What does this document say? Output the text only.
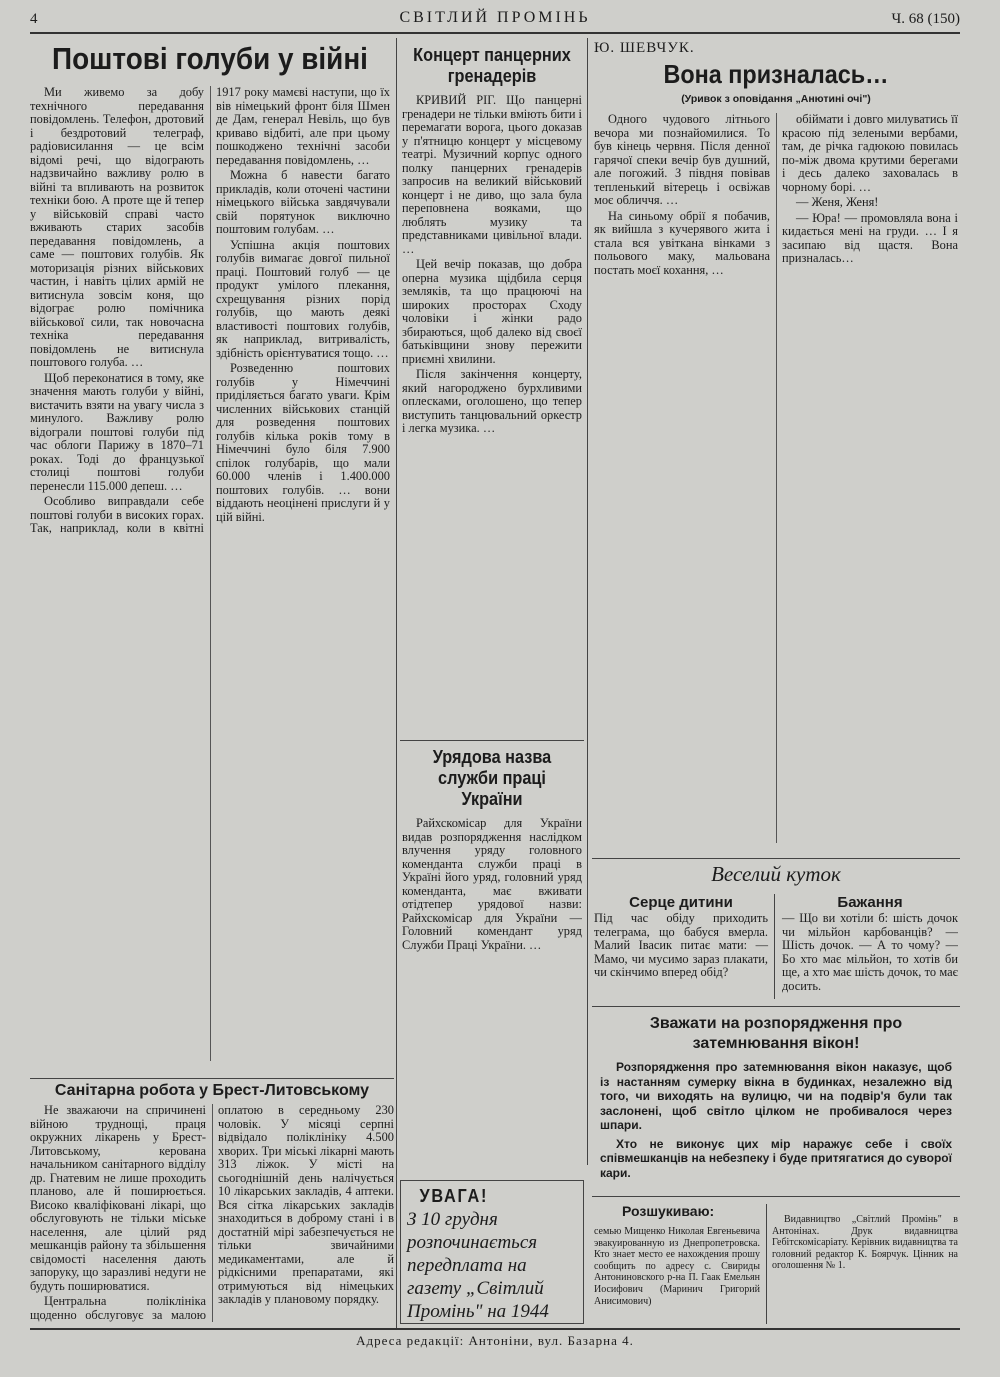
4	СВІТЛИЙ ПРОМІНЬ	Ч. 68 (150)
Поштові голуби у війні

Ми живемо за добу технічного передавання повідомлень. Телефон, дротовий і бездротовий телеграф, радіовисилання — це всім відомі речі, що відограють надзвичайно важливу ролю в війні та впливають на розвиток техніки бою. А проте ще й тепер у військовій справі часто вживають старих засобів передавання повідомлень, а саме — поштових голубів. Як моторизація різних військових частин, і навіть цілих армій не витиснула зовсім коня, що відограє ролю помічника військової сили, так новочасна техніка передавання повідомлень не витиснула поштового голуба. …

Щоб переконатися в тому, яке значення мають голуби у війні, вистачить взяти на увагу числа з минулого. Важливу ролю відограли поштові голуби під час облоги Парижу в 1870–71 роках. Тоді до французької столиці поштові голуби перенесли 115.000 депеш. …

Особливо виправдали себе поштові голуби в високих горах. Так, наприклад, коли в квітні 1917 року мамєві наступи, що їх вів німецький фронт біля Шмен де Дам, генерал Невіль, що був криваво відбиті, але при цьому пошкоджено технічні засоби передавання повідомлень, …

Можна б навести багато прикладів, коли оточені частини німецького війська завдячували свій порятунок виключно поштовим голубам. …

Успішна акція поштових голубів вимагає довгої пильної праці. Поштовий голуб — це продукт умілого плекання, схрещування різних порід голубів, що мають деякі властивості поштових голубів, як наприклад, витривалість, здібність орієнтуватися тощо. …

Розведенню поштових голубів у Німеччині приділяється багато уваги. Крім численних військових станцій для розведення поштових голубів кілька років тому в Німеччині було біля 7.900 спілок голубарів, що мали 60.000 членів і 1.400.000 поштових голубів. … вони віддають неоцінені прислуги й у цій війні.

Концерт панцерних гренадерів

КРИВИЙ РІГ. Що панцерні гренадери не тільки вміють бити і перемагати ворога, цього доказав у п'ятницю концерт у місцевому театрі. Музичний корпус одного полку панцерних гренадерів запросив на великий військовий концерт і не диво, що зала була переповнена вояками, що люблять музику та представниками цивільної влади. …

Цей вечір показав, що добра оперна музика щідбила серця земляків, та що працюючі на широких просторах Сходу чоловіки і жінки радо збираються, щоб далеко від своєї батьківщини знову пережити приємні хвилини.

Після закінчення концерту, який нагороджено бурхливими оплесками, оголошено, що тепер виступить танцювальний оркестр і легка музика. …

Урядова назва служби праці України

Райхскомісар для України видав розпорядження наслідком влучення уряду головного коменданта служби праці в Україні його уряд, головний уряд коменданта, має вживати отідтепер урядової назви: Райхскомісар для України — Головний комендант уряд Служби Праці України. …

Ю. ШЕВЧУК.
Вона призналась…
(Уривок з оповідання „Анютині очі")

Одного чудового літнього вечора ми познайомилися. То був кінець червня. Після денної гарячої спеки вечір був душний, але погожий. З півдня повівав тепленький вітерець і освіжав моє обличчя. …

На синьому обрії я побачив, як вийшла з кучерявого жита і стала вся увіткана вінками з польового маку, мальована постать моєї кохання, …

обіймати і довго милуватись її красою під зелеными вербами, там, де річка гадюкою повилась по-між двома крутими берегами і десь далеко заховалась в чорному борі. …

— Женя, Женя!

— Юра! — промовляла вона і кидається мені на груди. … І я засипаю від щастя. Вона призналась…

Веселий куток
Серце дитини
Під час обіду приходить телеграма, що бабуся вмерла. Малий Івасик питає мати: — Мамо, чи мусимо зараз плакати, чи скінчимо вперед обід?
Бажання
— Що ви хотіли б: шість дочок чи мільйон карбованців? — Шість дочок. — А то чому? — Бо хто має мільйон, то хотів би ще, а хто має шість дочок, то має досить.
Зважати на розпорядження про затемнювання вікон!
Розпорядження про затемнювання вікон наказує, щоб із настанням сумерку вікна в будинках, незалежно від того, чи виходять на вулицю, чи на подвір'я були так заслонені, щоб світло цілком не пробивалося через шпари.
Хто не виконує цих мір наражує себе і своїх співмешканців на небезпеку і буде притягатися до суворої кари.
Санітарна робота у Брест-Литовському

Не зважаючи на спричинені війною труднощі, праця окружних лікарень у Брест-Литовському, керована начальником санітарного відділу др. Гнатевим не лише проходить планово, але й поширюється. Високо кваліфіковані лікарі, що обслуговують не тільки міське населення, але цілий ряд мешканців району та збільшення свідомості населення дають запоруку, що заразливі недуги не будуть поширюватися.

Центральна поліклініка щоденно обслуговує за малою оплатою в середньому 230 чоловік. У місяці серпні відвідало поліклініку 4.500 хворих. Три міські лікарні мають 313 ліжок. У місті на сьогоднішній день налічується 10 лікарських закладів, 4 аптеки. Вся сітка лікарських закладів знаходиться в доброму стані і в достатній мірі забезпечується не тільки звичайними медикаментами, але й рідкісними препаратами, які отримуються від німецьких закладів у плановому порядку.

УВАГА!
З 10 грудня розпочинається передплата на газету „Світлий Промінь" на 1944
Розшукиваю:
семью Мищенко Николая Евгеньевича эвакуированную из Днепропетровска. Кто знает место ее нахождения прошу сообщить по адресу с. Свириды Антониновского р-на П. Гаак Емельян Иосифович (Маринич Григорий Анисимович)
Видавництво „Світлий Промінь" в Антонінах. Друк видавництва Гебітскомісаріату. Керівник видавництва та головний редактор К. Боярчук. Цінник на оголошення № 1.
Адреса редакції: Антоніни, вул. Базарна 4.
